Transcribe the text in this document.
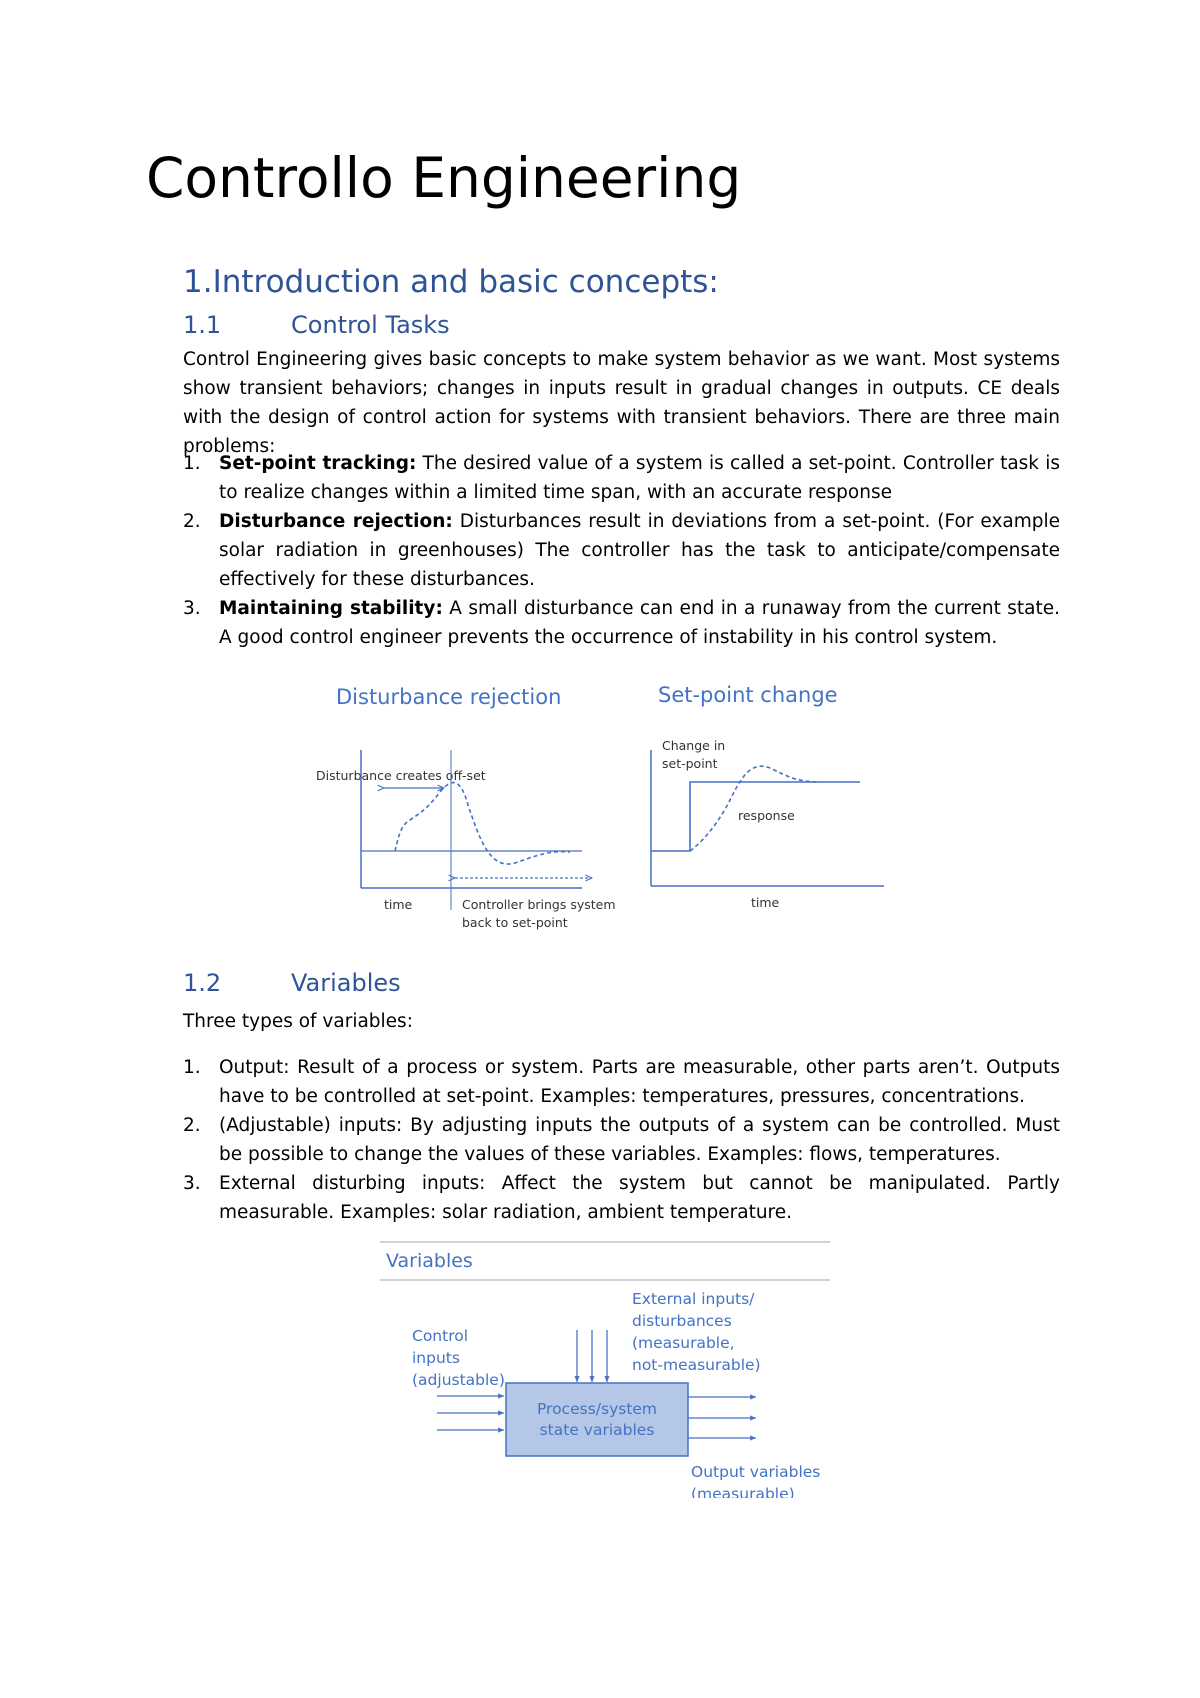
Controllo Engineering
1.Introduction and basic concepts:
1.1	Control Tasks

Control Engineering gives basic concepts to make system behavior as we want. Most systems show transient behaviors; changes in inputs result in gradual changes in outputs. CE deals with the design of control action for systems with transient behaviors. There are three main problems:

1. Set-point tracking: The desired value of a system is called a set-point. Controller task is to realize changes within a limited time span, with an accurate response
2. Disturbance rejection: Disturbances result in deviations from a set-point. (For example solar radiation in greenhouses) The controller has the task to anticipate/compensate effectively for these disturbances.
3. Maintaining stability: A small disturbance can end in a runaway from the current state. A good control engineer prevents the occurrence of instability in his control system.
Disturbance rejection
Disturbance creates off-set
time	Controller brings system
back to set-point
Set-point change
Change in
set-point
response
time
1.2	Variables

Three types of variables:

1. Output: Result of a process or system. Parts are measurable, other parts aren’t. Outputs have to be controlled at set-point. Examples: temperatures, pressures, concentrations.
2. (Adjustable) inputs: By adjusting inputs the outputs of a system can be controlled. Must be possible to change the values of these variables. Examples: flows, temperatures.
3. External disturbing inputs: Affect the system but cannot be manipulated. Partly measurable. Examples: solar radiation, ambient temperature.
Variables
Control
inputs
(adjustable)
External inputs/
disturbances
(measurable,
not-measurable)
Process/system
state variables
Output variables
(measurable)
